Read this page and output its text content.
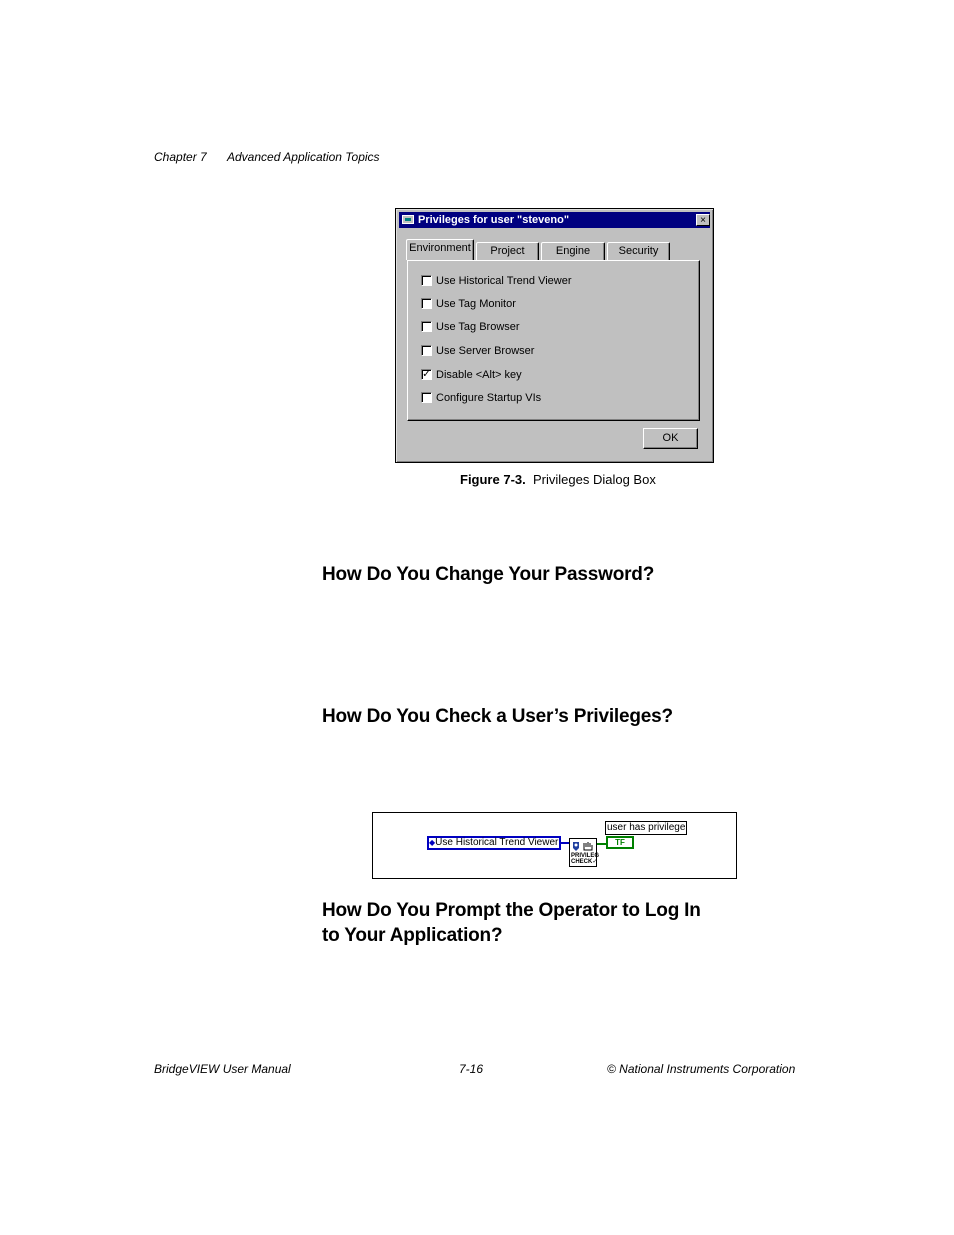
Chapter 7 Advanced Application Topics
Privileges for user "steveno"	×
Environment	Project	Engine	Security
Use Historical Trend Viewer
Use Tag Monitor
Use Tag Browser
Use Server Browser
✓ Disable <Alt> key
Configure Startup VIs
OK
Figure 7-3. Privileges Dialog Box
How Do You Change Your Password?
How Do You Check a User’s Privileges?
◆Use Historical Trend Viewer
PRIVILEG
CHECK✓
user has privilege
TF
How Do You Prompt the Operator to Log In
to Your Application?
BridgeVIEW User Manual	7-16	© National Instruments Corporation
